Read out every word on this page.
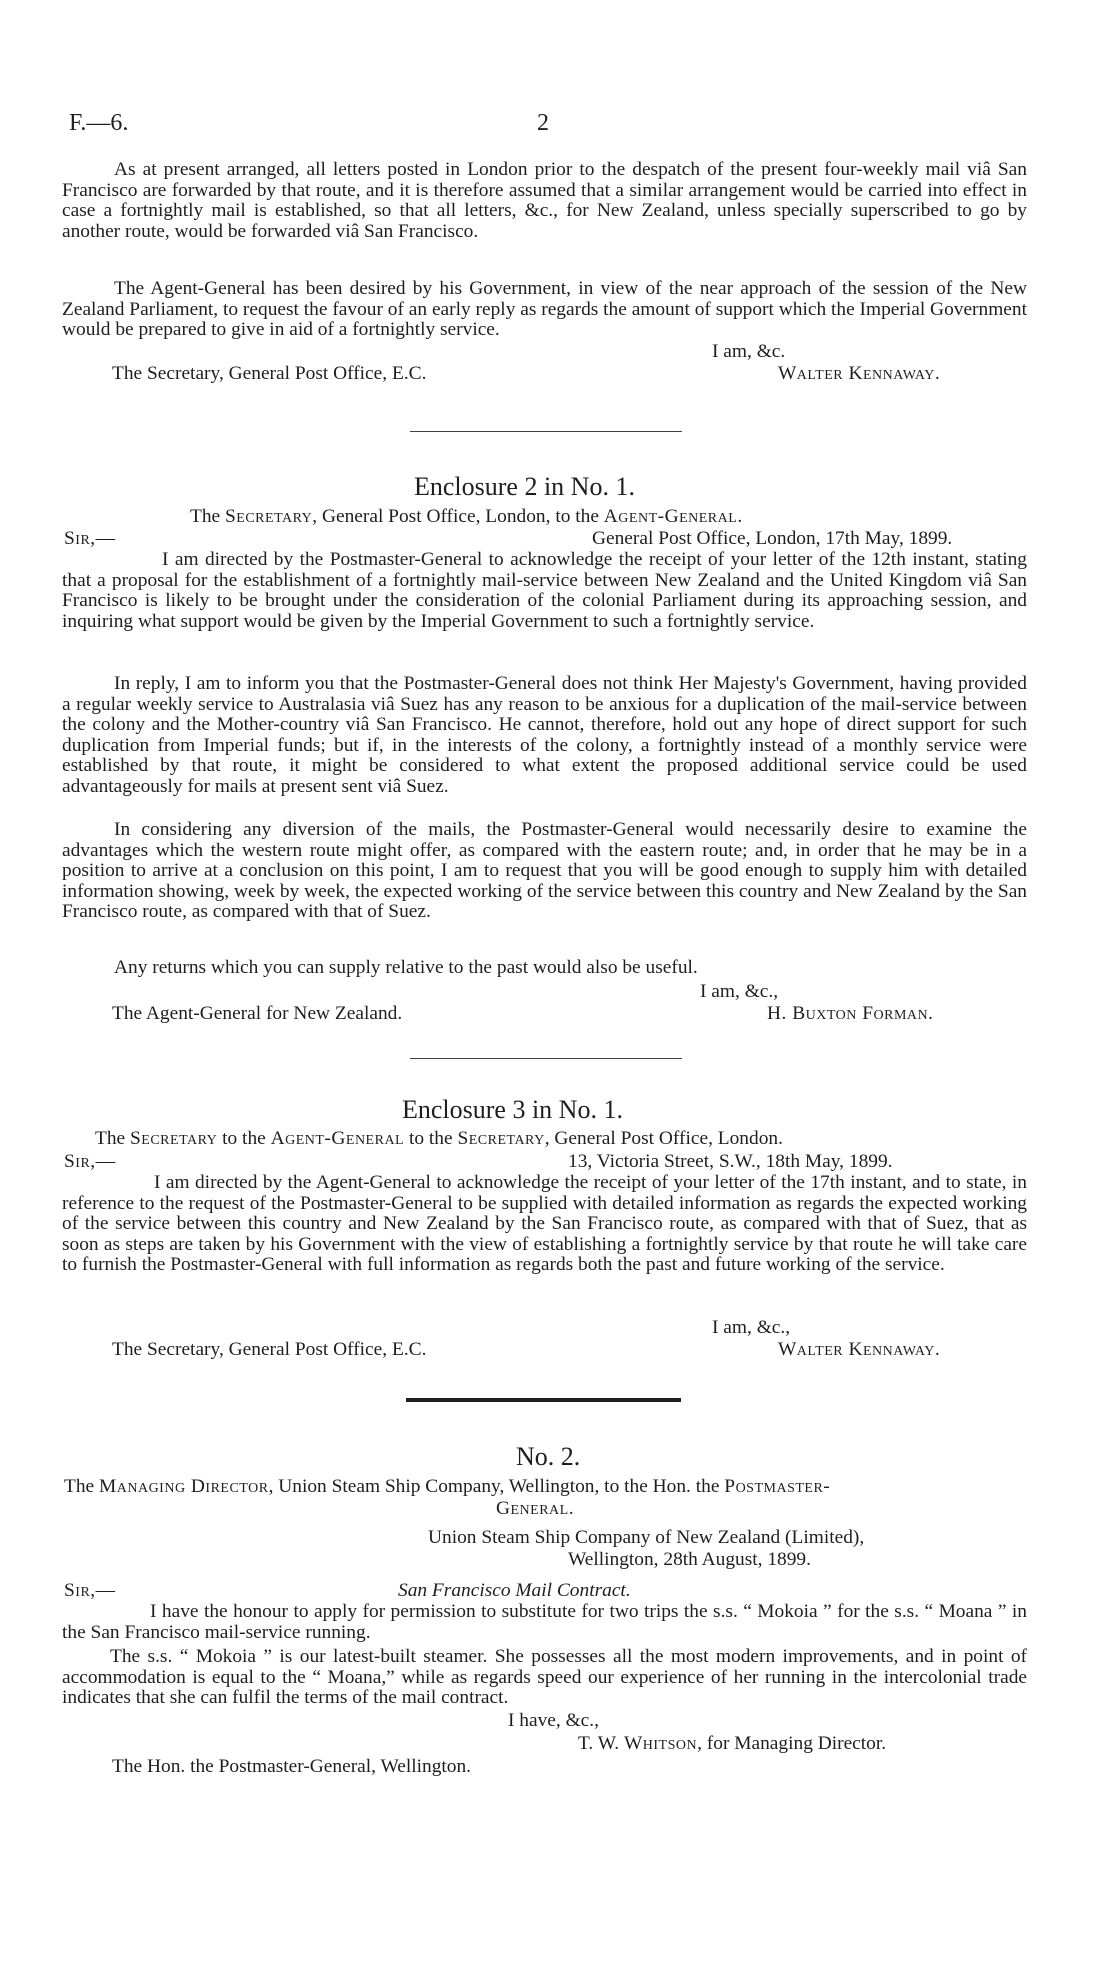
F.—6.	2
As at present arranged, all letters posted in London prior to the despatch of the present four-weekly mail viâ San Francisco are forwarded by that route, and it is therefore assumed that a similar arrangement would be carried into effect in case a fortnightly mail is established, so that all letters, &c., for New Zealand, unless specially superscribed to go by another route, would be forwarded viâ San Francisco.
The Agent-General has been desired by his Government, in view of the near approach of the session of the New Zealand Parliament, to request the favour of an early reply as regards the amount of support which the Imperial Government would be prepared to give in aid of a fortnightly service.
I am, &c.
The Secretary, General Post Office, E.C.	Walter Kennaway.
Enclosure 2 in No. 1.
The Secretary, General Post Office, London, to the Agent-General.
Sir,—	General Post Office, London, 17th May, 1899.
I am directed by the Postmaster-General to acknowledge the receipt of your letter of the 12th instant, stating that a proposal for the establishment of a fortnightly mail-service between New Zealand and the United Kingdom viâ San Francisco is likely to be brought under the consideration of the colonial Parliament during its approaching session, and inquiring what support would be given by the Imperial Government to such a fortnightly service.
In reply, I am to inform you that the Postmaster-General does not think Her Majesty's Government, having provided a regular weekly service to Australasia viâ Suez has any reason to be anxious for a duplication of the mail-service between the colony and the Mother-country viâ San Francisco. He cannot, therefore, hold out any hope of direct support for such duplication from Imperial funds; but if, in the interests of the colony, a fortnightly instead of a monthly service were established by that route, it might be considered to what extent the proposed additional service could be used advantageously for mails at present sent viâ Suez.
In considering any diversion of the mails, the Postmaster-General would necessarily desire to examine the advantages which the western route might offer, as compared with the eastern route; and, in order that he may be in a position to arrive at a conclusion on this point, I am to request that you will be good enough to supply him with detailed information showing, week by week, the expected working of the service between this country and New Zealand by the San Francisco route, as compared with that of Suez.
Any returns which you can supply relative to the past would also be useful.
I am, &c.,
The Agent-General for New Zealand.	H. Buxton Forman.
Enclosure 3 in No. 1.
The Secretary to the Agent-General to the Secretary, General Post Office, London.
Sir,—	13, Victoria Street, S.W., 18th May, 1899.
I am directed by the Agent-General to acknowledge the receipt of your letter of the 17th instant, and to state, in reference to the request of the Postmaster-General to be supplied with detailed information as regards the expected working of the service between this country and New Zealand by the San Francisco route, as compared with that of Suez, that as soon as steps are taken by his Government with the view of establishing a fortnightly service by that route he will take care to furnish the Postmaster-General with full information as regards both the past and future working of the service.
I am, &c.,
The Secretary, General Post Office, E.C.	Walter Kennaway.
No. 2.
The Managing Director, Union Steam Ship Company, Wellington, to the Hon. the Postmaster-
General.
Union Steam Ship Company of New Zealand (Limited),
Wellington, 28th August, 1899.
Sir,—	San Francisco Mail Contract.
I have the honour to apply for permission to substitute for two trips the s.s. “ Mokoia ” for the s.s. “ Moana ” in the San Francisco mail-service running.
The s.s. “ Mokoia ” is our latest-built steamer. She possesses all the most modern improvements, and in point of accommodation is equal to the “ Moana,” while as regards speed our experience of her running in the intercolonial trade indicates that she can fulfil the terms of the mail contract.
I have, &c.,
T. W. Whitson, for Managing Director.
The Hon. the Postmaster-General, Wellington.
